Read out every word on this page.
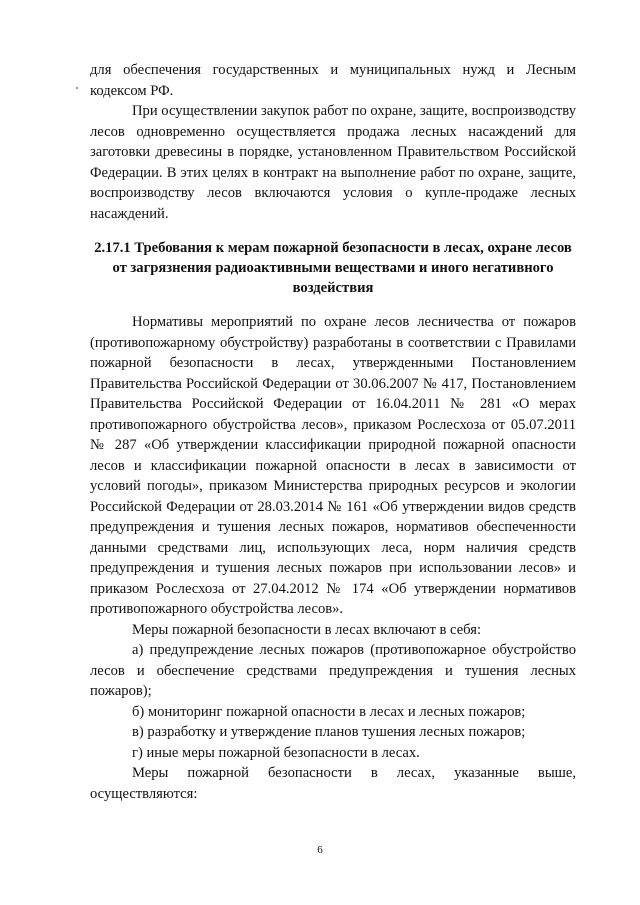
для обеспечения государственных и муниципальных нужд и Лесным кодексом РФ.

При осуществлении закупок работ по охране, защите, воспроизводству лесов одновременно осуществляется продажа лесных насаждений для заготовки древесины в порядке, установленном Правительством Российской Федерации. В этих целях в контракт на выполнение работ по охране, защите, воспроизводству лесов включаются условия о купле-продаже лесных насаждений.

2.17.1 Требования к мерам пожарной безопасности в лесах, охране лесов от загрязнения радиоактивными веществами и иного негативного воздействия

Нормативы мероприятий по охране лесов лесничества от пожаров (противопожарному обустройству) разработаны в соответствии с Правилами пожарной безопасности в лесах, утвержденными Постановлением Правительства Российской Федерации от 30.06.2007 № 417, Постановлением Правительства Российской Федерации от 16.04.2011 № 281 «О мерах противопожарного обустройства лесов», приказом Рослесхоза от 05.07.2011 № 287 «Об утверждении классификации природной пожарной опасности лесов и классификации пожарной опасности в лесах в зависимости от условий погоды», приказом Министерства природных ресурсов и экологии Российской Федерации от 28.03.2014 № 161 «Об утверждении видов средств предупреждения и тушения лесных пожаров, нормативов обеспеченности данными средствами лиц, использующих леса, норм наличия средств предупреждения и тушения лесных пожаров при использовании лесов» и приказом Рослесхоза от 27.04.2012 № 174 «Об утверждении нормативов противопожарного обустройства лесов».

Меры пожарной безопасности в лесах включают в себя:

а) предупреждение лесных пожаров (противопожарное обустройство лесов и обеспечение средствами предупреждения и тушения лесных пожаров);

б) мониторинг пожарной опасности в лесах и лесных пожаров;

в) разработку и утверждение планов тушения лесных пожаров;

г) иные меры пожарной безопасности в лесах.

Меры пожарной безопасности в лесах, указанные выше, осуществляются:

6
